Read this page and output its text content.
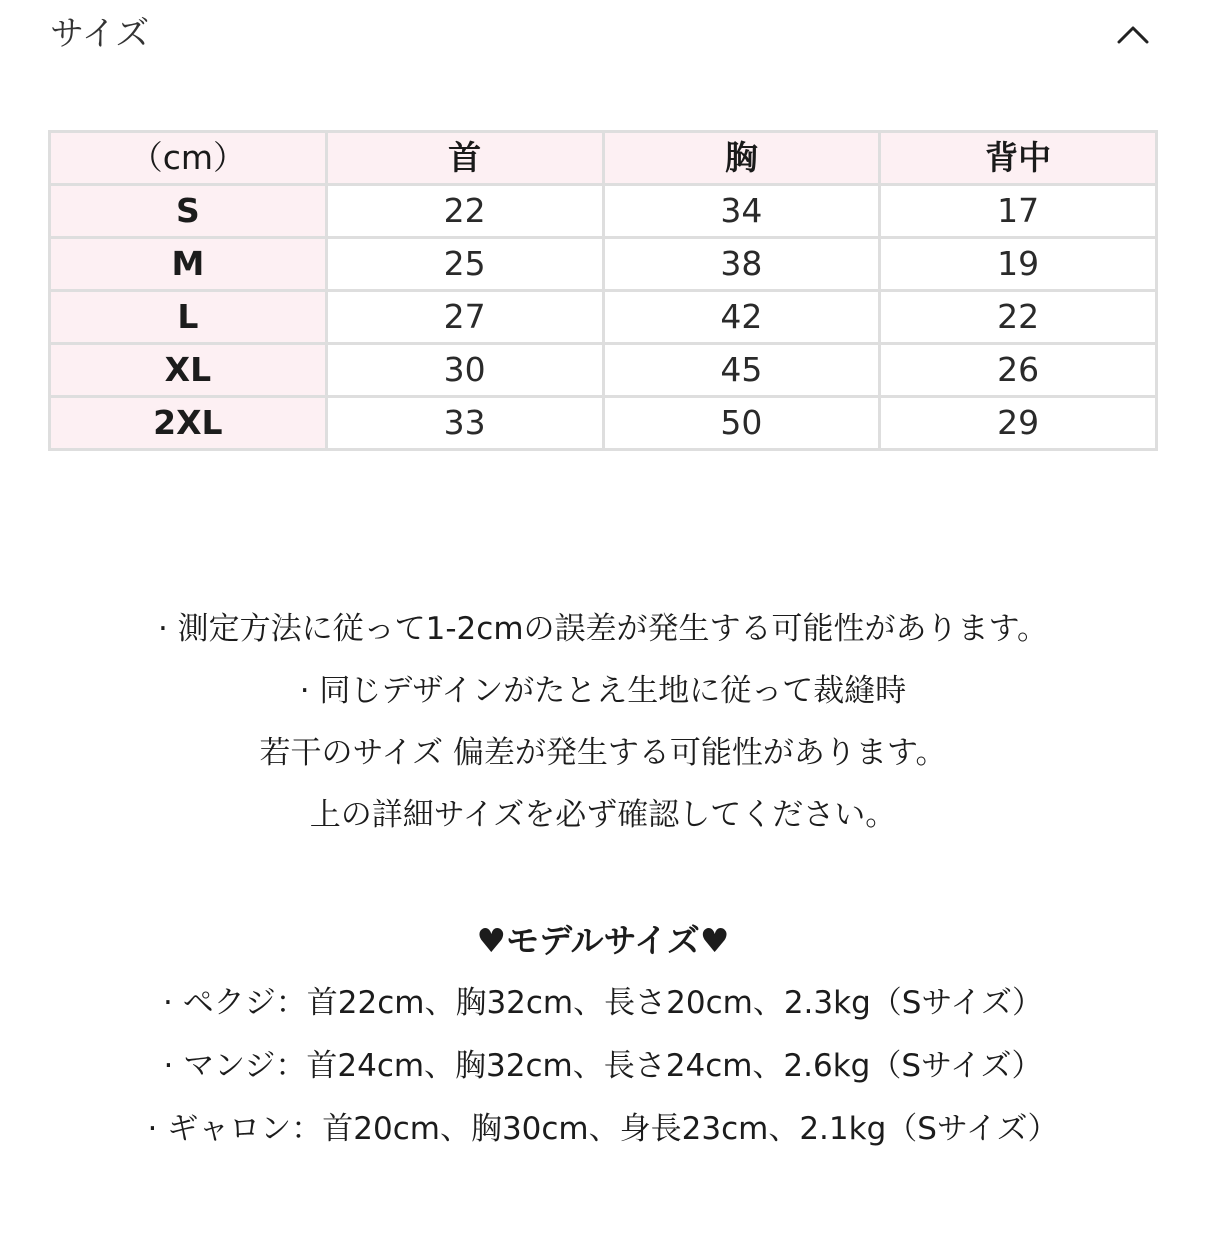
サイズ
（cm）	首	胸	背中
S	22	34	17
M	25	38	19
L	27	42	22
XL	30	45	26
2XL	33	50	29

· 測定方法に従って1-2cmの誤差が発生する可能性があります。

· 同じデザインがたとえ生地に従って裁縫時

若干のサイズ 偏差が発生する可能性があります。

上の詳細サイズを必ず確認してください。

♥モデルサイズ♥

· ペクジ：首22cm、胸32cm、長さ20cm、2.3kg（Sサイズ）

· マンジ：首24cm、胸32cm、長さ24cm、2.6kg（Sサイズ）

· ギャロン：首20cm、胸30cm、身長23cm、2.1kg（Sサイズ）
